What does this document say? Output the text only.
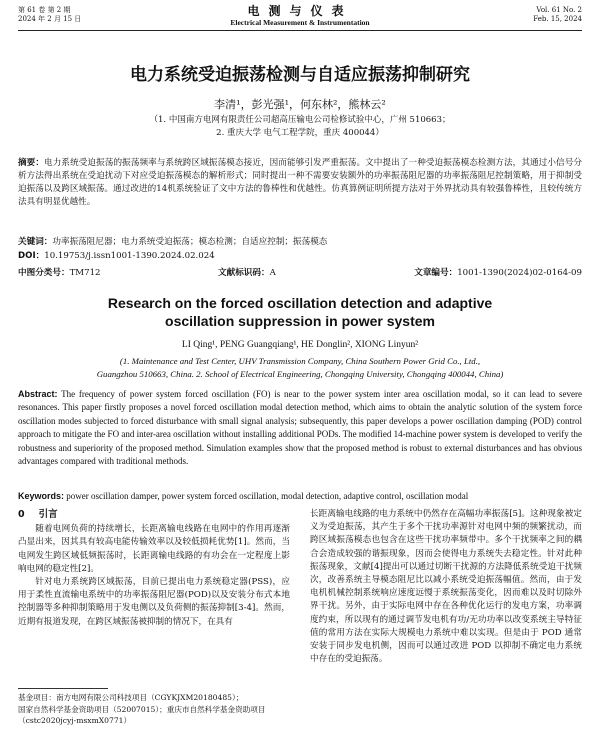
第 61 卷 第 2 期
2024 年 2 月 15 日
电测与仪表
Electrical Measurement & Instrumentation
Vol. 61 No. 2
Feb. 15, 2024
电力系统受迫振荡检测与自适应振荡抑制研究
李清¹，彭光强¹，何东林²，熊林云²
（1. 中国南方电网有限责任公司超高压输电公司检修试验中心，广州 510663；
2. 重庆大学 电气工程学院，重庆 400044）
摘要：电力系统受迫振荡的振荡频率与系统跨区域振荡模态接近，因而能够引发严重振荡。文中提出了一种受迫振荡模态检测方法，其通过小信号分析方法得出系统在受迫扰动下对应受迫振荡模态的解析形式；同时提出一种不需要安装额外的功率振荡阻尼器的功率振荡阻尼控制策略，用于抑制受迫振荡以及跨区域振荡。通过改进的14机系统验证了文中方法的鲁棒性和优越性。仿真算例证明所提方法对于外界扰动具有较强鲁棒性，且较传统方法具有明显优越性。
关键词：功率振荡阻尼器；电力系统受迫振荡；模态检测；自适应控制；振荡模态
DOI：10.19753/j.issn1001-1390.2024.02.024
中图分类号：TM712	文献标识码：A	文章编号：1001-1390(2024)02-0164-09
Research on the forced oscillation detection and adaptive
oscillation suppression in power system
LI Qing¹, PENG Guangqiang¹, HE Donglin², XIONG Linyun²
(1. Maintenance and Test Center, UHV Transmission Company, China Southern Power Grid Co., Ltd.,
Guangzhou 510663, China. 2. School of Electrical Engineering, Chongqing University, Chongqing 400044, China)
Abstract: The frequency of power system forced oscillation (FO) is near to the power system inter area oscillation modal, so it can lead to severe resonances. This paper firstly proposes a novel forced oscillation modal detection method, which aims to obtain the analytic solution of the system force oscillation modes subjected to forced disturbance with small signal analysis; subsequently, this paper develops a power oscillation damping (POD) control approach to mitigate the FO and inter-area oscillation without installing additional PODs. The modified 14-machine power system is developed to verify the robustness and superiority of the proposed method. Simulation examples show that the proposed method is robust to external disturbances and has obvious advantages compared with traditional methods.
Keywords: power oscillation damper, power system forced oscillation, modal detection, adaptive control, oscillation modal
0 引言

随着电网负荷的持续增长，长距离输电线路在电网中的作用再逐渐凸显出来，因其具有较高电能传输效率以及较低损耗优势[1]。然而，当电网发生跨区域低频振荡时，长距离输电线路的有功会在一定程度上影响电网的稳定性[2]。

针对电力系统跨区域振荡，目前已提出电力系统稳定器(PSS)，应用于柔性直流输电系统中的功率振荡阻尼器(POD)以及安装分布式本地控制器等多种抑制策略用于发电侧以及负荷侧的振荡抑制[3-4]。然而，近期有报道发现，在跨区域振荡被抑制的情况下，在具有

长距离输电线路的电力系统中仍然存在高幅功率振荡[5]。这种现象被定义为受迫振荡，其产生于多个干扰功率源针对电网中频的频繁扰动，而跨区域振荡模态也包含在这些干扰功率频带中。多个干扰频率之间的耦合会造成较强的谐振现象，因而会使得电力系统失去稳定性。针对此种振荡现象，文献[4]提出可以通过切断干扰源的方法降低系统受迫干扰频次，改善系统主导模态阻尼比以减小系统受迫振荡幅值。然而，由于发电机机械控制系统响应速度远慢于系统振荡变化，因而难以及时切除外界干扰。另外，由于实际电网中存在各种优化运行的发电方案，功率调度约束，所以现有的通过调节发电机有功/无功功率以改变系统主导特征值的常用方法在实际大规模电力系统中难以实现。但是由于 POD 通常安装于同步发电机侧，因而可以通过改进 POD 以抑制不确定电力系统中存在的受迫振荡。

基金项目：南方电网有限公司科技项目（CGYKJXM20180485）；
国家自然科学基金资助项目（52007015）；重庆市自然科学基金资助项目（cstc2020jcyj-msxmX0771）
